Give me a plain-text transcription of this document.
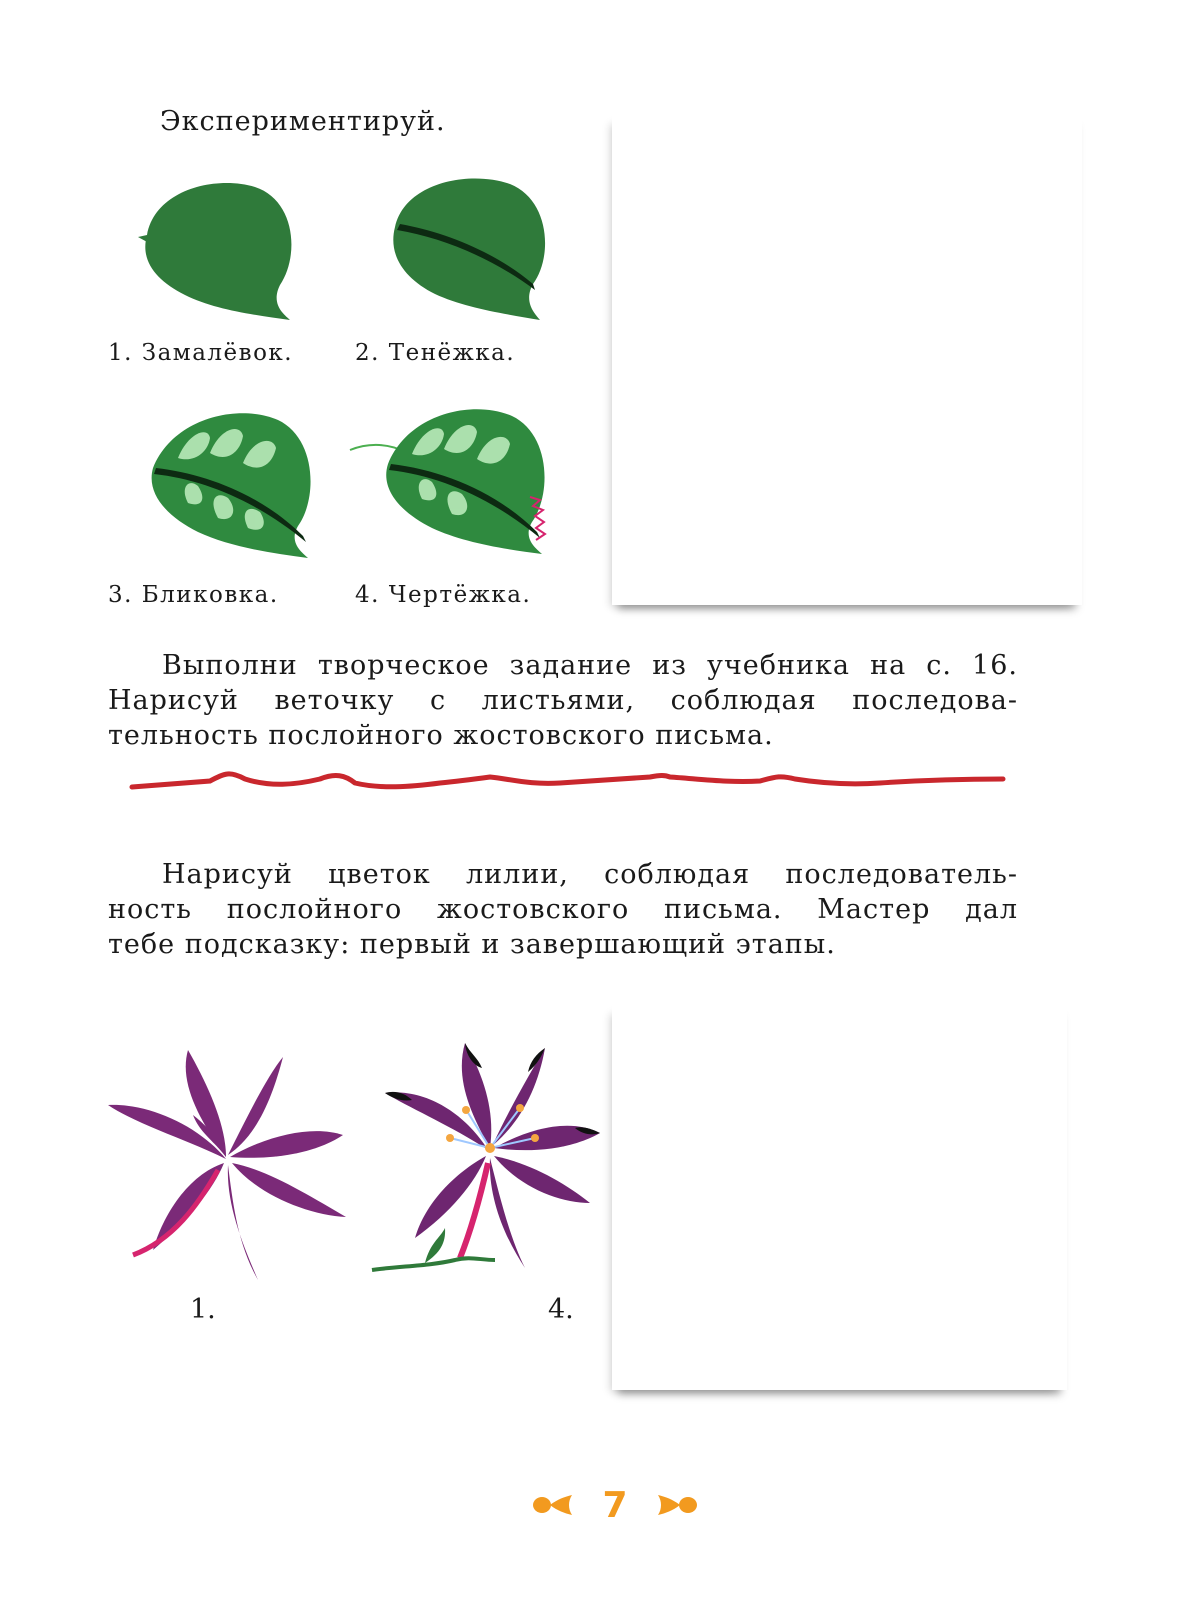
Экспериментируй.
1. Замалёвок.	2. Тенёжка.
3. Бликовка.	4. Чертёжка.
Выполни творческое задание из учебника на с. 16.
Нарисуй веточку с листьями, соблюдая последова-
тельность послойного жостовского письма.
Нарисуй цветок лилии, соблюдая последователь-
ность послойного жостовского письма. Мастер дал
тебе подсказку: первый и завершающий этапы.
1.	4.
7
